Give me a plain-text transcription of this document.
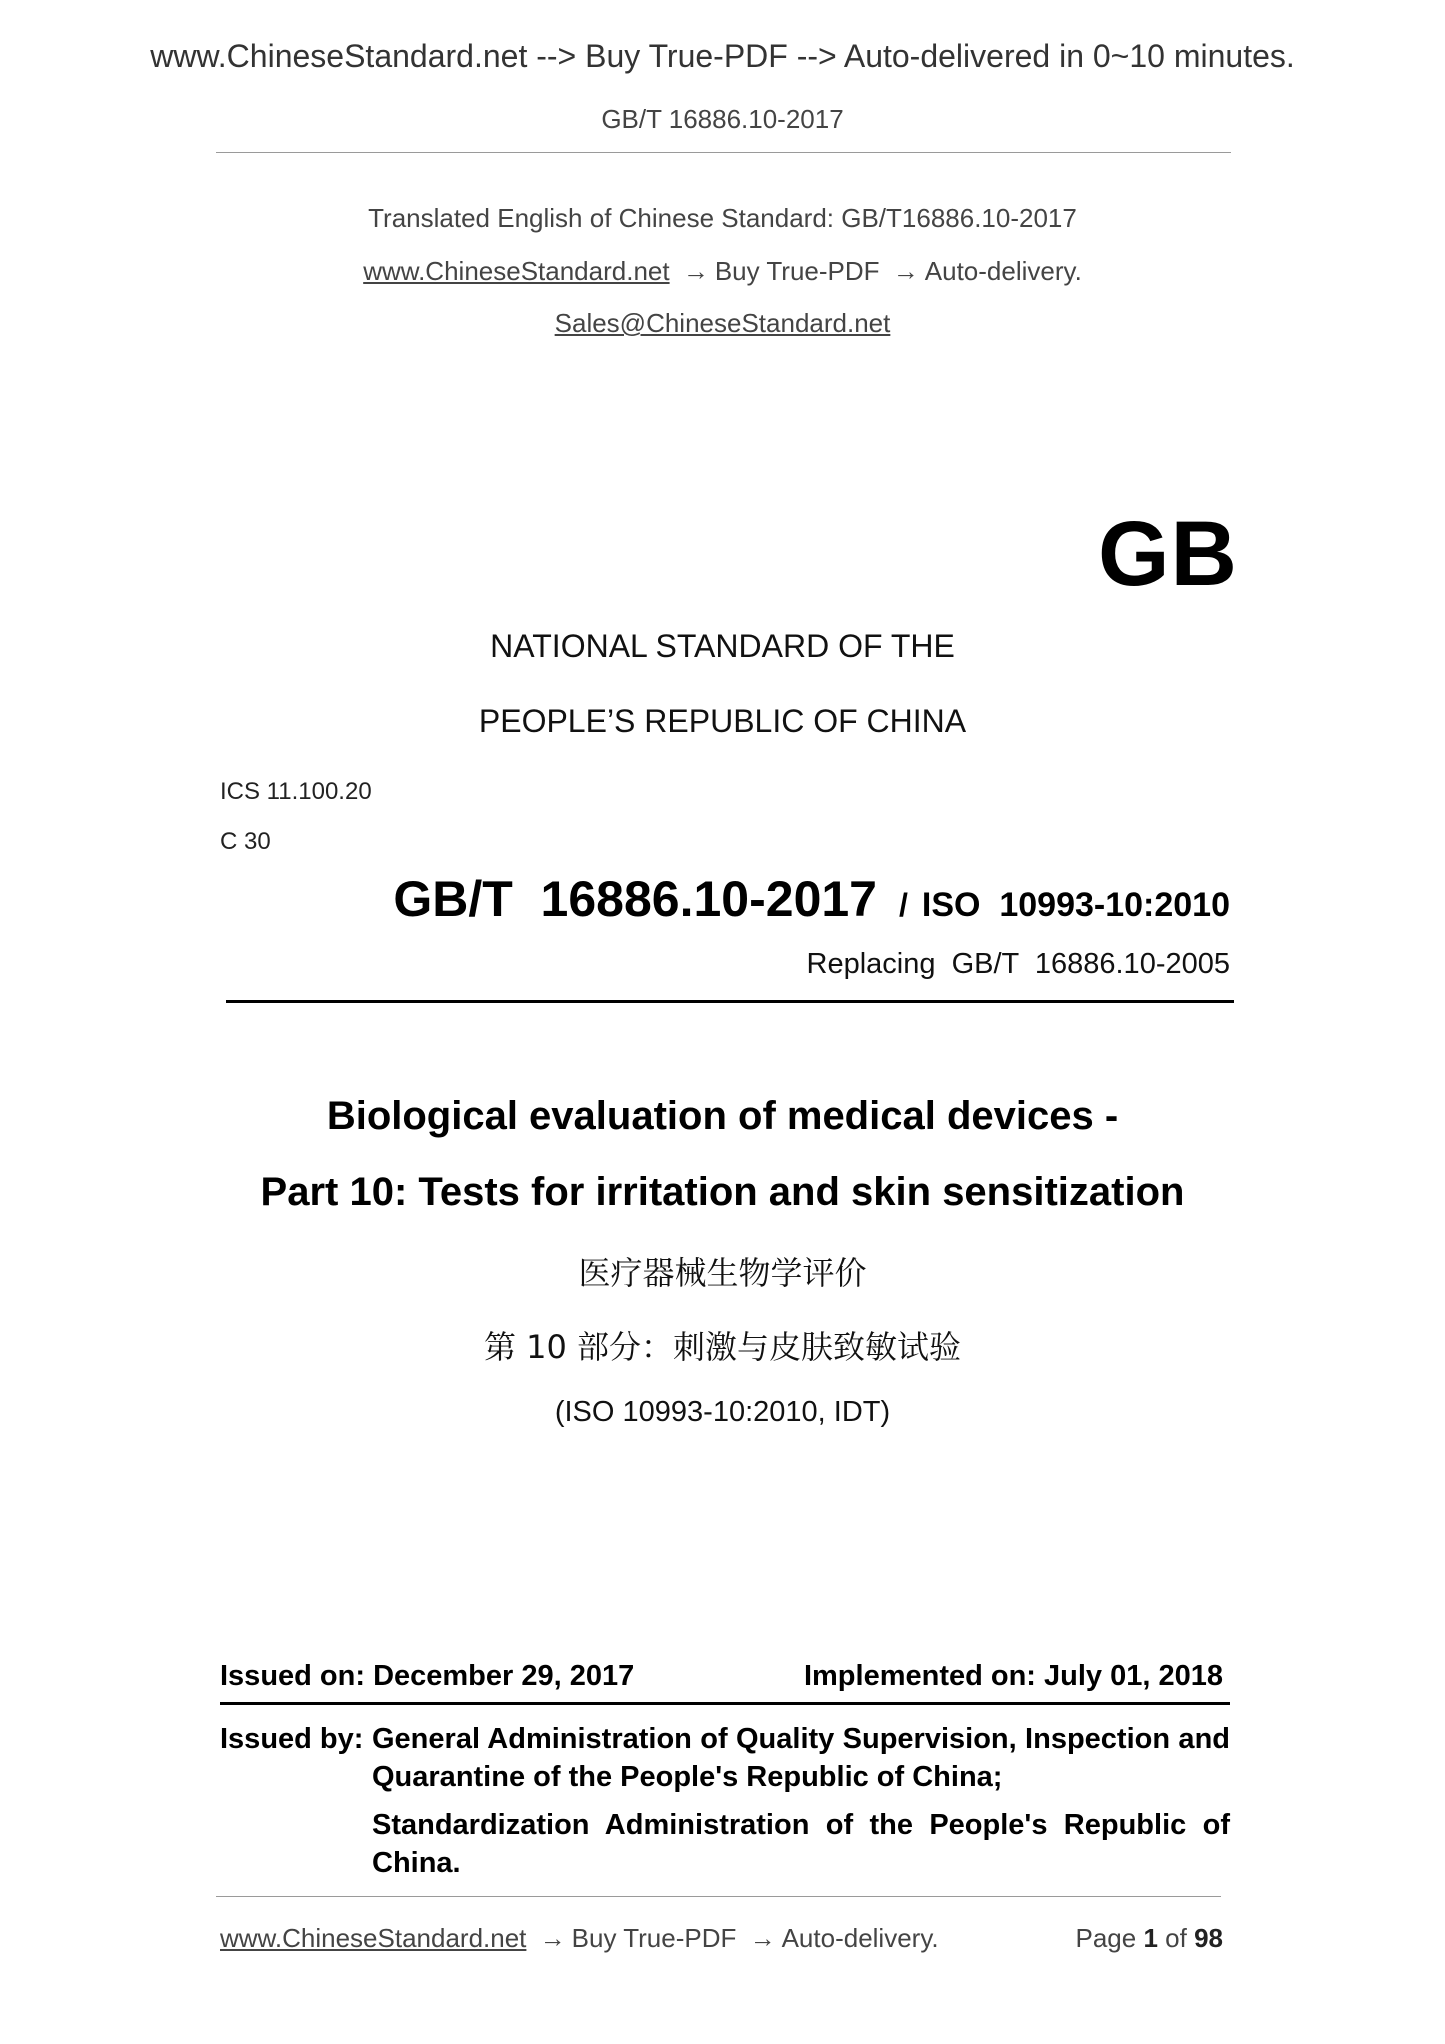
www.ChineseStandard.net --> Buy True-PDF --> Auto-delivered in 0~10 minutes.
GB/T 16886.10-2017
Translated English of Chinese Standard: GB/T16886.10-2017
www.ChineseStandard.net → Buy True-PDF → Auto-delivery.
Sales@ChineseStandard.net
GB
NATIONAL STANDARD OF THE
PEOPLE’S REPUBLIC OF CHINA
ICS 11.100.20
C 30
GB/T  16886.10-2017 / ISO  10993-10:2010
Replacing  GB/T  16886.10-2005
Biological evaluation of medical devices -
Part 10: Tests for irritation and skin sensitization
医疗器械生物学评价
第 10 部分：刺激与皮肤致敏试验
(ISO 10993-10:2010, IDT)
Issued on: December 29, 2017	Implemented on: July 01, 2018
Issued by: General Administration of Quality Supervision, Inspection and Quarantine of the People's Republic of China;
Standardization Administration of the People's Republic of China.
www.ChineseStandard.net → Buy True-PDF → Auto-delivery.	Page 1 of 98
